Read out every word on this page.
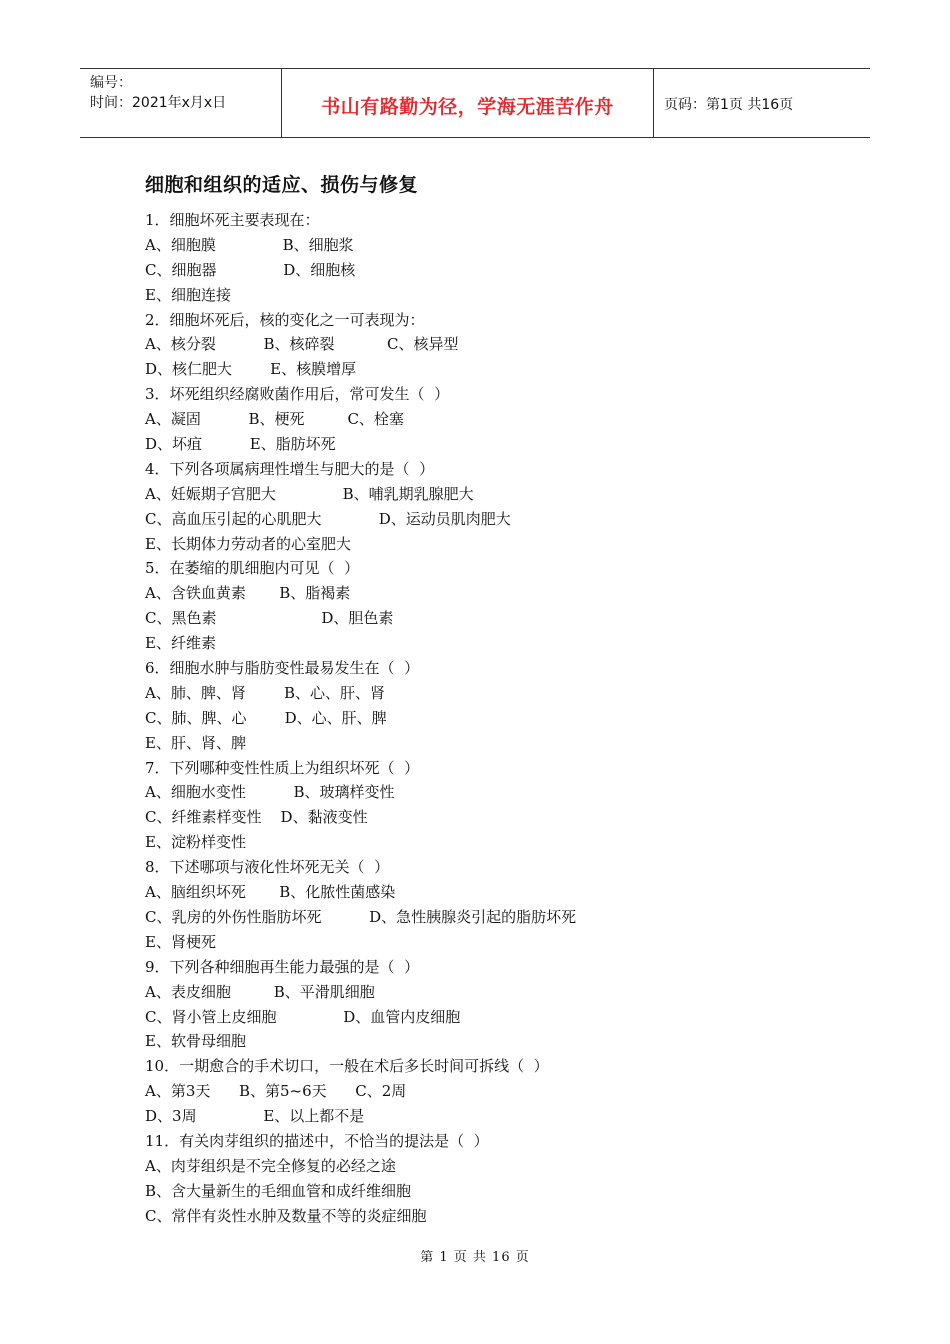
编号：
时间：2021年x月x日	书山有路勤为径，学海无涯苦作舟	页码：第1页 共16页
细胞和组织的适应、损伤与修复
1．细胞坏死主要表现在：
A、细胞膜              B、细胞浆
C、细胞器              D、细胞核
E、细胞连接
2．细胞坏死后，核的变化之一可表现为：
A、核分裂          B、核碎裂           C、核异型
D、核仁肥大        E、核膜增厚
3．坏死组织经腐败菌作用后，常可发生（  ）
A、凝固          B、梗死         C、栓塞
D、坏疽          E、脂肪坏死
4．下列各项属病理性增生与肥大的是（  ）
A、妊娠期子宫肥大              B、哺乳期乳腺肥大
C、高血压引起的心肌肥大            D、运动员肌肉肥大
E、长期体力劳动者的心室肥大
5．在萎缩的肌细胞内可见（  ）
A、含铁血黄素       B、脂褐素
C、黑色素                      D、胆色素
E、纤维素
6．细胞水肿与脂肪变性最易发生在（  ）
A、肺、脾、肾        B、心、肝、肾
C、肺、脾、心        D、心、肝、脾
E、肝、肾、脾
7．下列哪种变性性质上为组织坏死（  ）
A、细胞水变性          B、玻璃样变性
C、纤维素样变性    D、黏液变性
E、淀粉样变性
8．下述哪项与液化性坏死无关（  ）
A、脑组织坏死       B、化脓性菌感染
C、乳房的外伤性脂肪坏死          D、急性胰腺炎引起的脂肪坏死
E、肾梗死
9．下列各种细胞再生能力最强的是（  ）
A、表皮细胞         B、平滑肌细胞
C、肾小管上皮细胞              D、血管内皮细胞
E、软骨母细胞
10．一期愈合的手术切口，一般在术后多长时间可拆线（  ）
A、第3天      B、第5~6天      C、2周
D、3周              E、以上都不是
11．有关肉芽组织的描述中，不恰当的提法是（  ）
A、肉芽组织是不完全修复的必经之途
B、含大量新生的毛细血管和成纤维细胞
C、常伴有炎性水肿及数量不等的炎症细胞
第 1 页 共 16 页
